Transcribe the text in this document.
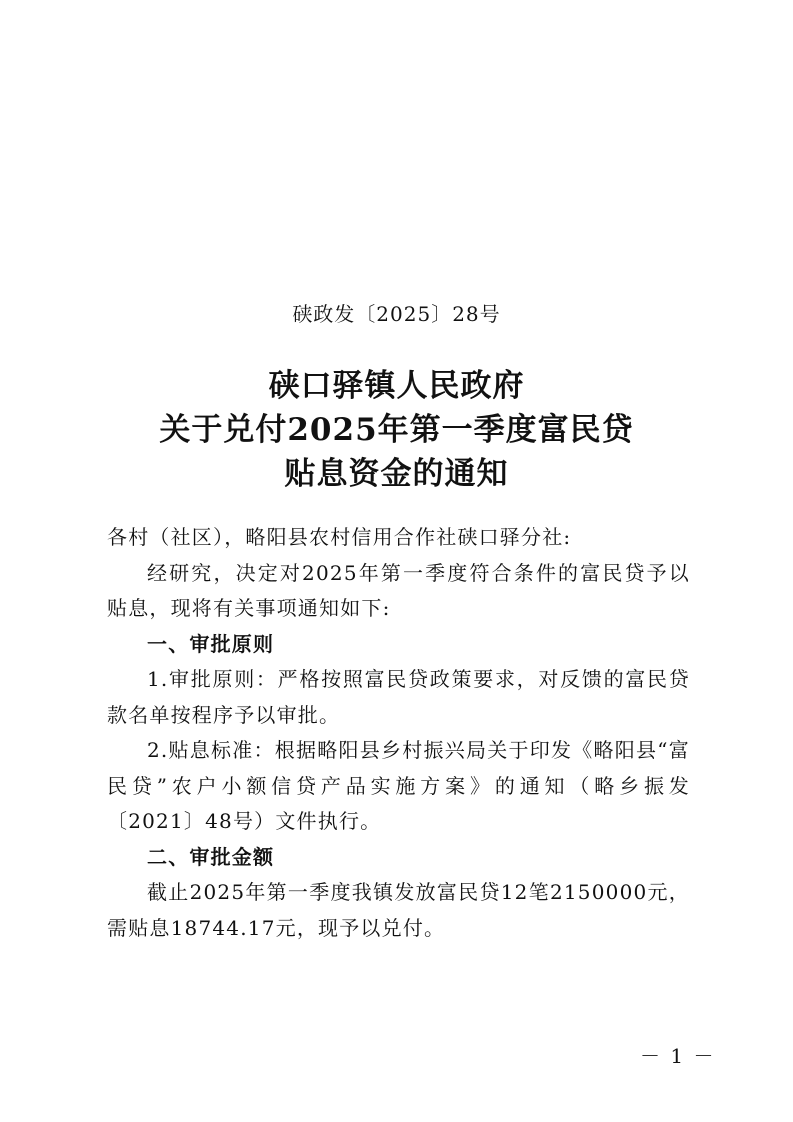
硖政发〔2025〕28号
硖口驿镇人民政府
关于兑付2025年第一季度富民贷
贴息资金的通知

各村（社区），略阳县农村信用合作社硖口驿分社:

经研究，决定对2025年第一季度符合条件的富民贷予以贴息，现将有关事项通知如下:

一、审批原则

1.审批原则：严格按照富民贷政策要求，对反馈的富民贷款名单按程序予以审批。

2.贴息标准：根据略阳县乡村振兴局关于印发《略阳县“富民贷”农户小额信贷产品实施方案》的通知（略乡振发〔2021〕48号）文件执行。

二、审批金额

截止2025年第一季度我镇发放富民贷12笔2150000元，需贴息18744.17元，现予以兑付。

－ 1 －
